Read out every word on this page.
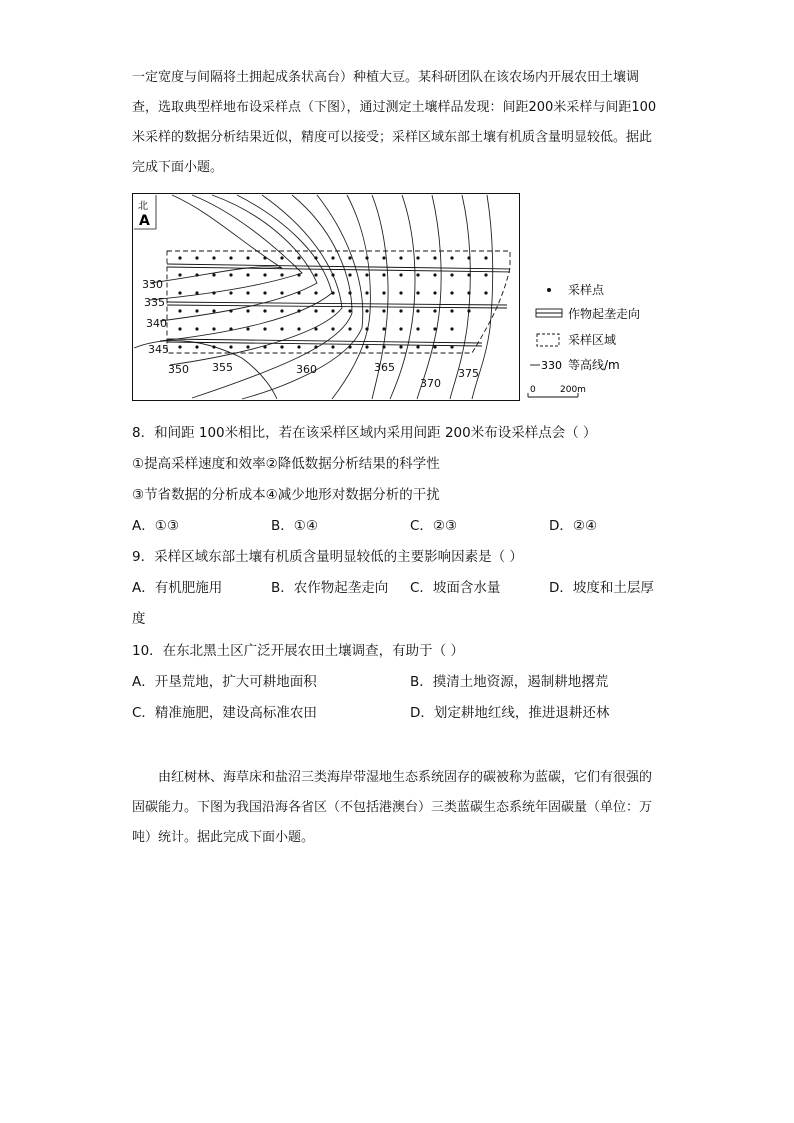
一定宽度与间隔将土拥起成条状高台）种植大豆。某科研团队在该农场内开展农田土壤调查，选取典型样地布设采样点（下图），通过测定土壤样品发现：间距200米采样与间距100米采样的数据分析结果近似，精度可以接受；采样区域东部土壤有机质含量明显较低。据此完成下面小题。

北
A
330
335
340
345
350 355	360	365
370
375
采样点
作物起垄走向
采样区域
330 等高线/m
0	200m
8．和间距 100米相比，若在该采样区域内采用间距 200米布设采样点会（ ）
①提高采样速度和效率②降低数据分析结果的科学性
③节省数据的分析成本④减少地形对数据分析的干扰
A．①③	B．①④	C．②③	D．②④
9．采样区域东部土壤有机质含量明显较低的主要影响因素是（ ）
A．有机肥施用	B．农作物起垄走向 C．坡面含水量	D．坡度和土层厚
度
10．在东北黑土区广泛开展农田土壤调查，有助于（ ）
A．开垦荒地，扩大可耕地面积	B．摸清土地资源，遏制耕地撂荒
C．精准施肥，建设高标准农田	D．划定耕地红线，推进退耕还林

由红树林、海草床和盐沼三类海岸带湿地生态系统固存的碳被称为蓝碳，它们有很强的固碳能力。下图为我国沿海各省区（不包括港澳台）三类蓝碳生态系统年固碳量（单位：万吨）统计。据此完成下面小题。
